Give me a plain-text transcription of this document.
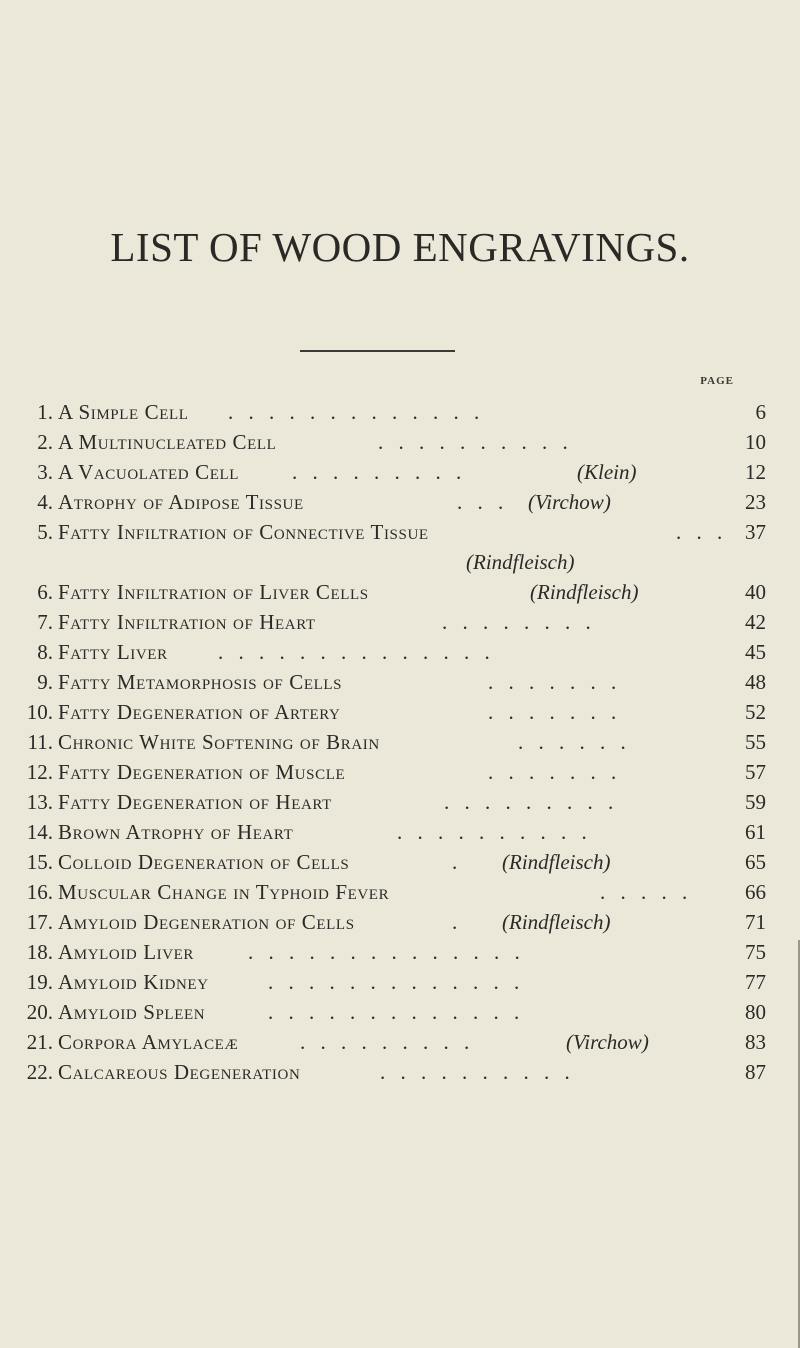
LIST OF WOOD ENGRAVINGS.
PAGE
1. A Simple Cell . . . . . . . . . . . . .	6
2. A Multinucleated Cell	. . . . . . . . . .	10
3. A Vacuolated Cell	. . . . . . . . .	(Klein)	12
4. Atrophy of Adipose Tissue	. . . (Virchow)	23
5. Fatty Infiltration of Connective Tissue	. . . 37
(Rindfleisch)
6. Fatty Infiltration of Liver Cells	(Rindfleisch)	40
7. Fatty Infiltration of Heart	. . . . . . . .	42
8. Fatty Liver . . . . . . . . . . . . . .	45
9. Fatty Metamorphosis of Cells	. . . . . . .	48
10. Fatty Degeneration of Artery	. . . . . . .	52
11. Chronic White Softening of Brain	. . . . . .	55
12. Fatty Degeneration of Muscle	. . . . . . .	57
13. Fatty Degeneration of Heart	. . . . . . . . .	59
14. Brown Atrophy of Heart	. . . . . . . . . .	61
15. Colloid Degeneration of Cells	. (Rindfleisch)	65
16. Muscular Change in Typhoid Fever	. . . . .	66
17. Amyloid Degeneration of Cells	. (Rindfleisch)	71
18. Amyloid Liver	. . . . . . . . . . . . . .	75
19. Amyloid Kidney	. . . . . . . . . . . . .	77
20. Amyloid Spleen	. . . . . . . . . . . . .	80
21. Corpora Amylaceæ	. . . . . . . . .	(Virchow)	83
22. Calcareous Degeneration	. . . . . . . . . .	87
